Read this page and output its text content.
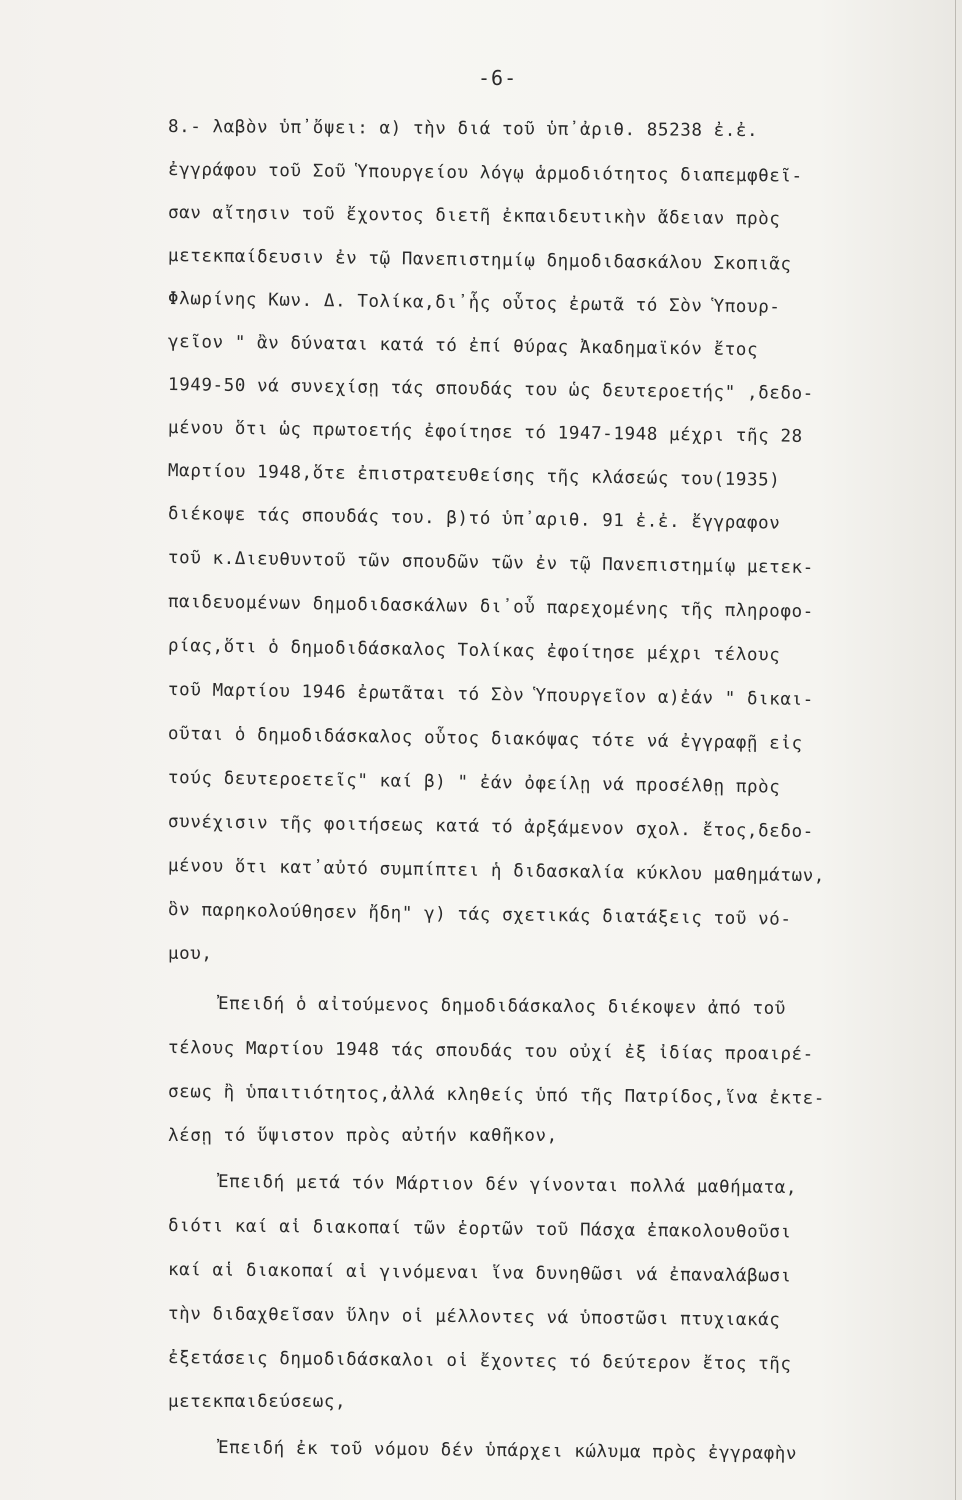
-6-
8.- λαβὸν ὑπ᾿ὄψει: α) τὴν διά τοῦ ὑπ᾿ἀριθ. 85238 ἐ.ἐ.
ἐγγράφου τοῦ Σοῦ Ὑπουργείου λόγῳ ἁρμοδιότητος διαπεμφθεῖ-
σαν αἴτησιν τοῦ ἔχοντος διετῆ ἐκπαιδευτικὴν ἄδειαν πρὸς
μετεκπαίδευσιν ἐν τῷ Πανεπιστημίῳ δημοδιδασκάλου Σκοπιᾶς
Φλωρίνης Κων. Δ. Τολίκα,δι᾿ἧς οὗτος ἐρωτᾶ τό Σὸν Ὑπουρ-
γεῖον " ἂν δύναται κατά τό ἐπί θύρας Ἀκαδημαϊκόν ἔτος
1949-50 νά συνεχίσῃ τάς σπουδάς του ὡς δευτεροετής" ,δεδο-
μένου ὅτι ὡς πρωτοετής ἐφοίτησε τό 1947-1948 μέχρι τῆς 28
Μαρτίου 1948,ὅτε ἐπιστρατευθείσης τῆς κλάσεώς του(1935)
διέκοψε τάς σπουδάς του. β)τό ὑπ᾿αριθ. 91 ἐ.ἐ. ἔγγραφον
τοῦ κ.Διευθυντοῦ τῶν σπουδῶν τῶν ἐν τῷ Πανεπιστημίῳ μετεκ-
παιδευομένων δημοδιδασκάλων δι᾿οὗ παρεχομένης τῆς πληροφο-
ρίας,ὅτι ὁ δημοδιδάσκαλος Τολίκας ἐφοίτησε μέχρι τέλους
τοῦ Μαρτίου 1946 ἐρωτᾶται τό Σὸν Ὑπουργεῖον α)ἐάν " δικαι-
οῦται ὁ δημοδιδάσκαλος οὗτος διακόψας τότε νά ἐγγραφῇ εἰς
τούς δευτεροετεῖς" καί β) " ἐάν ὀφείλῃ νά προσέλθῃ πρὸς
συνέχισιν τῆς φοιτήσεως κατά τό ἀρξάμενον σχολ. ἔτος,δεδο-
μένου ὅτι κατ᾿αὐτό συμπίπτει ἡ διδασκαλία κύκλου μαθημάτων,
ὃν παρηκολούθησεν ἤδη" γ) τάς σχετικάς διατάξεις τοῦ νό-
μου,
Ἐπειδή ὁ αἰτούμενος δημοδιδάσκαλος διέκοψεν ἀπό τοῦ
τέλους Μαρτίου 1948 τάς σπουδάς του οὐχί ἐξ ἰδίας προαιρέ-
σεως ἢ ὑπαιτιότητος,ἀλλά κληθείς ὑπό τῆς Πατρίδος,ἵνα ἐκτε-
λέσῃ τό ὕψιστον πρὸς αὐτήν καθῆκον,
Ἐπειδή μετά τόν Μάρτιον δέν γίνονται πολλά μαθήματα,
διότι καί αἱ διακοπαί τῶν ἑορτῶν τοῦ Πάσχα ἐπακολουθοῦσι
καί αἱ διακοπαί αἱ γινόμεναι ἵνα δυνηθῶσι νά ἐπαναλάβωσι
τὴν διδαχθεῖσαν ὕλην οἱ μέλλοντες νά ὑποστῶσι πτυχιακάς
ἐξετάσεις δημοδιδάσκαλοι οἱ ἔχοντες τό δεύτερον ἔτος τῆς
μετεκπαιδεύσεως,
Ἐπειδή ἐκ τοῦ νόμου δέν ὑπάρχει κώλυμα πρὸς ἐγγραφὴν
